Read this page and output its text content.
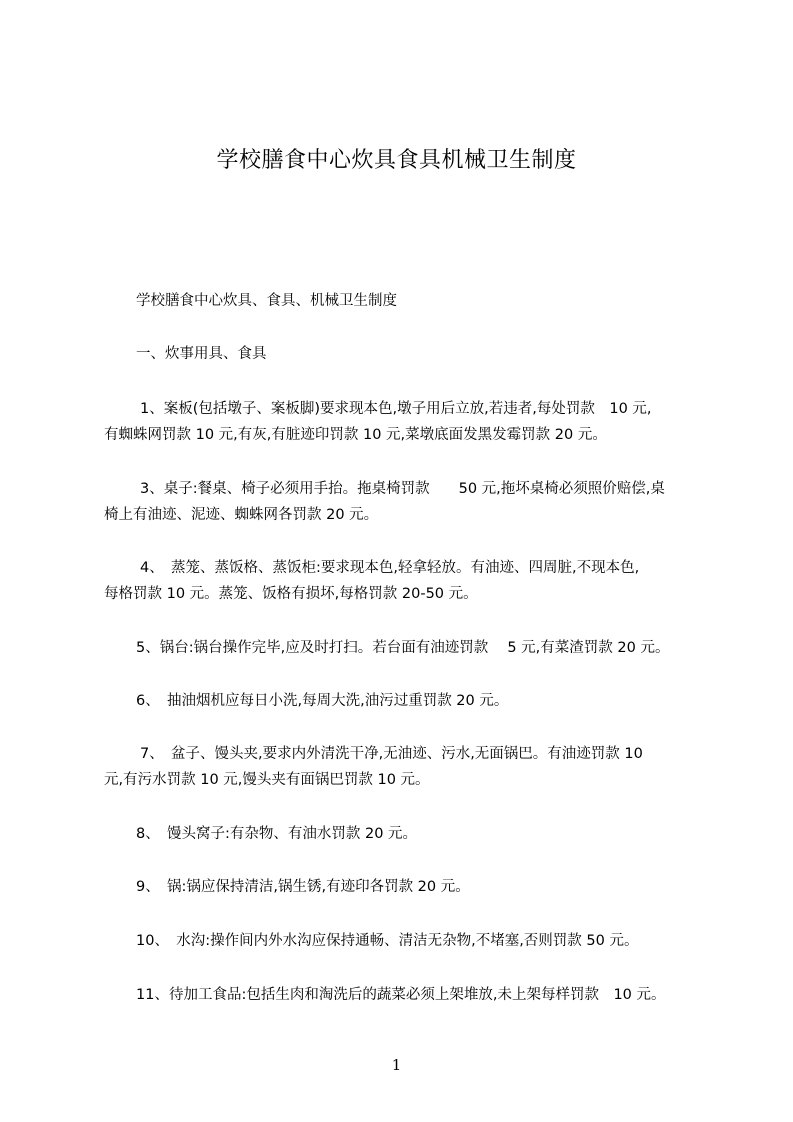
学校膳食中心炊具食具机械卫生制度
学校膳食中心炊具、食具、机械卫生制度
一、炊事用具、食具
1、案板(包括墩子、案板脚)要求现本色,墩子用后立放,若违者,每处罚款　10 元,
有蜘蛛网罚款 10 元,有灰,有脏迹印罚款 10 元,菜墩底面发黑发霉罚款 20 元。
3、桌子:餐桌、椅子必须用手抬。拖桌椅罚款　　50 元,拖坏桌椅必须照价赔偿,桌
椅上有油迹、泥迹、蜘蛛网各罚款 20 元。
4、　蒸笼、蒸饭格、蒸饭柜:要求现本色,轻拿轻放。有油迹、四周脏,不现本色,
每格罚款 10 元。蒸笼、饭格有损坏,每格罚款 20-50 元。
5、锅台:锅台操作完毕,应及时打扫。若台面有油迹罚款　 5 元,有菜渣罚款 20 元。
6、　抽油烟机应每日小洗,每周大洗,油污过重罚款 20 元。
7、　盆子、馒头夹,要求内外清洗干净,无油迹、污水,无面锅巴。有油迹罚款 10
元,有污水罚款 10 元,馒头夹有面锅巴罚款 10 元。
8、　馒头窝子:有杂物、有油水罚款 20 元。
9、　锅:锅应保持清洁,锅生锈,有迹印各罚款 20 元。
10、　水沟:操作间内外水沟应保持通畅、清洁无杂物,不堵塞,否则罚款 50 元。
11、待加工食品:包括生肉和淘洗后的蔬菜必须上架堆放,未上架每样罚款　10 元。
1
